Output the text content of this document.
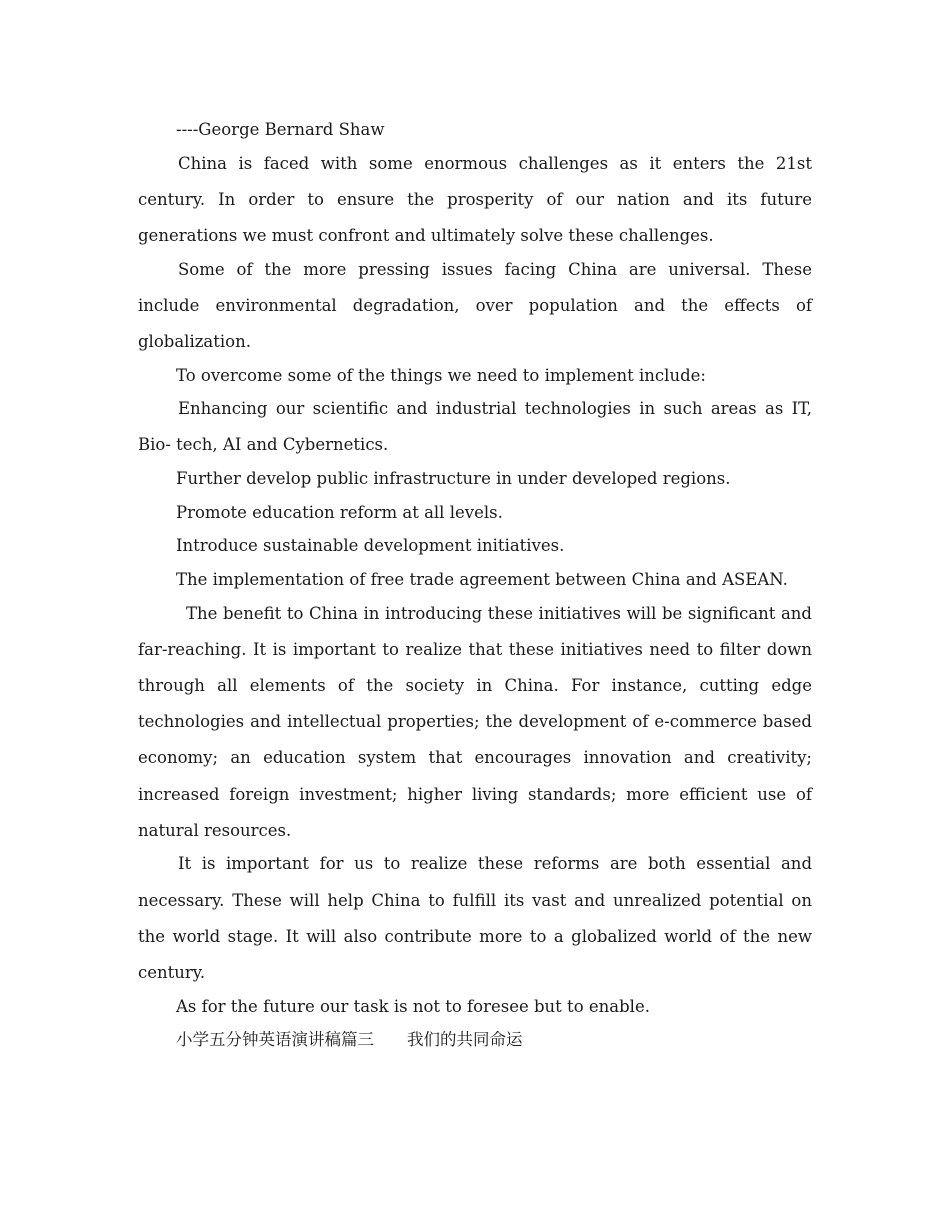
----George Bernard Shaw

China is faced with some enormous challenges as it enters the 21st century. In order to ensure the prosperity of our nation and its future generations we must confront and ultimately solve these challenges.

Some of the more pressing issues facing China are universal. These include environmental degradation, over population and the effects of globalization.

To overcome some of the things we need to implement include:

Enhancing our scientific and industrial technologies in such areas as IT, Bio- tech, AI and Cybernetics.

Further develop public infrastructure in under developed regions.

Promote education reform at all levels.

Introduce sustainable development initiatives.

The implementation of free trade agreement between China and ASEAN.

The benefit to China in introducing these initiatives will be significant and far-reaching. It is important to realize that these initiatives need to filter down through all elements of the society in China. For instance, cutting edge technologies and intellectual properties; the development of e-commerce based economy; an education system that encourages innovation and creativity; increased foreign investment; higher living standards; more efficient use of natural resources.

It is important for us to realize these reforms are both essential and necessary. These will help China to fulfill its vast and unrealized potential on the world stage. It will also contribute more to a globalized world of the new century.

As for the future our task is not to foresee but to enable.

小学五分钟英语演讲稿篇三　　我们的共同命运
